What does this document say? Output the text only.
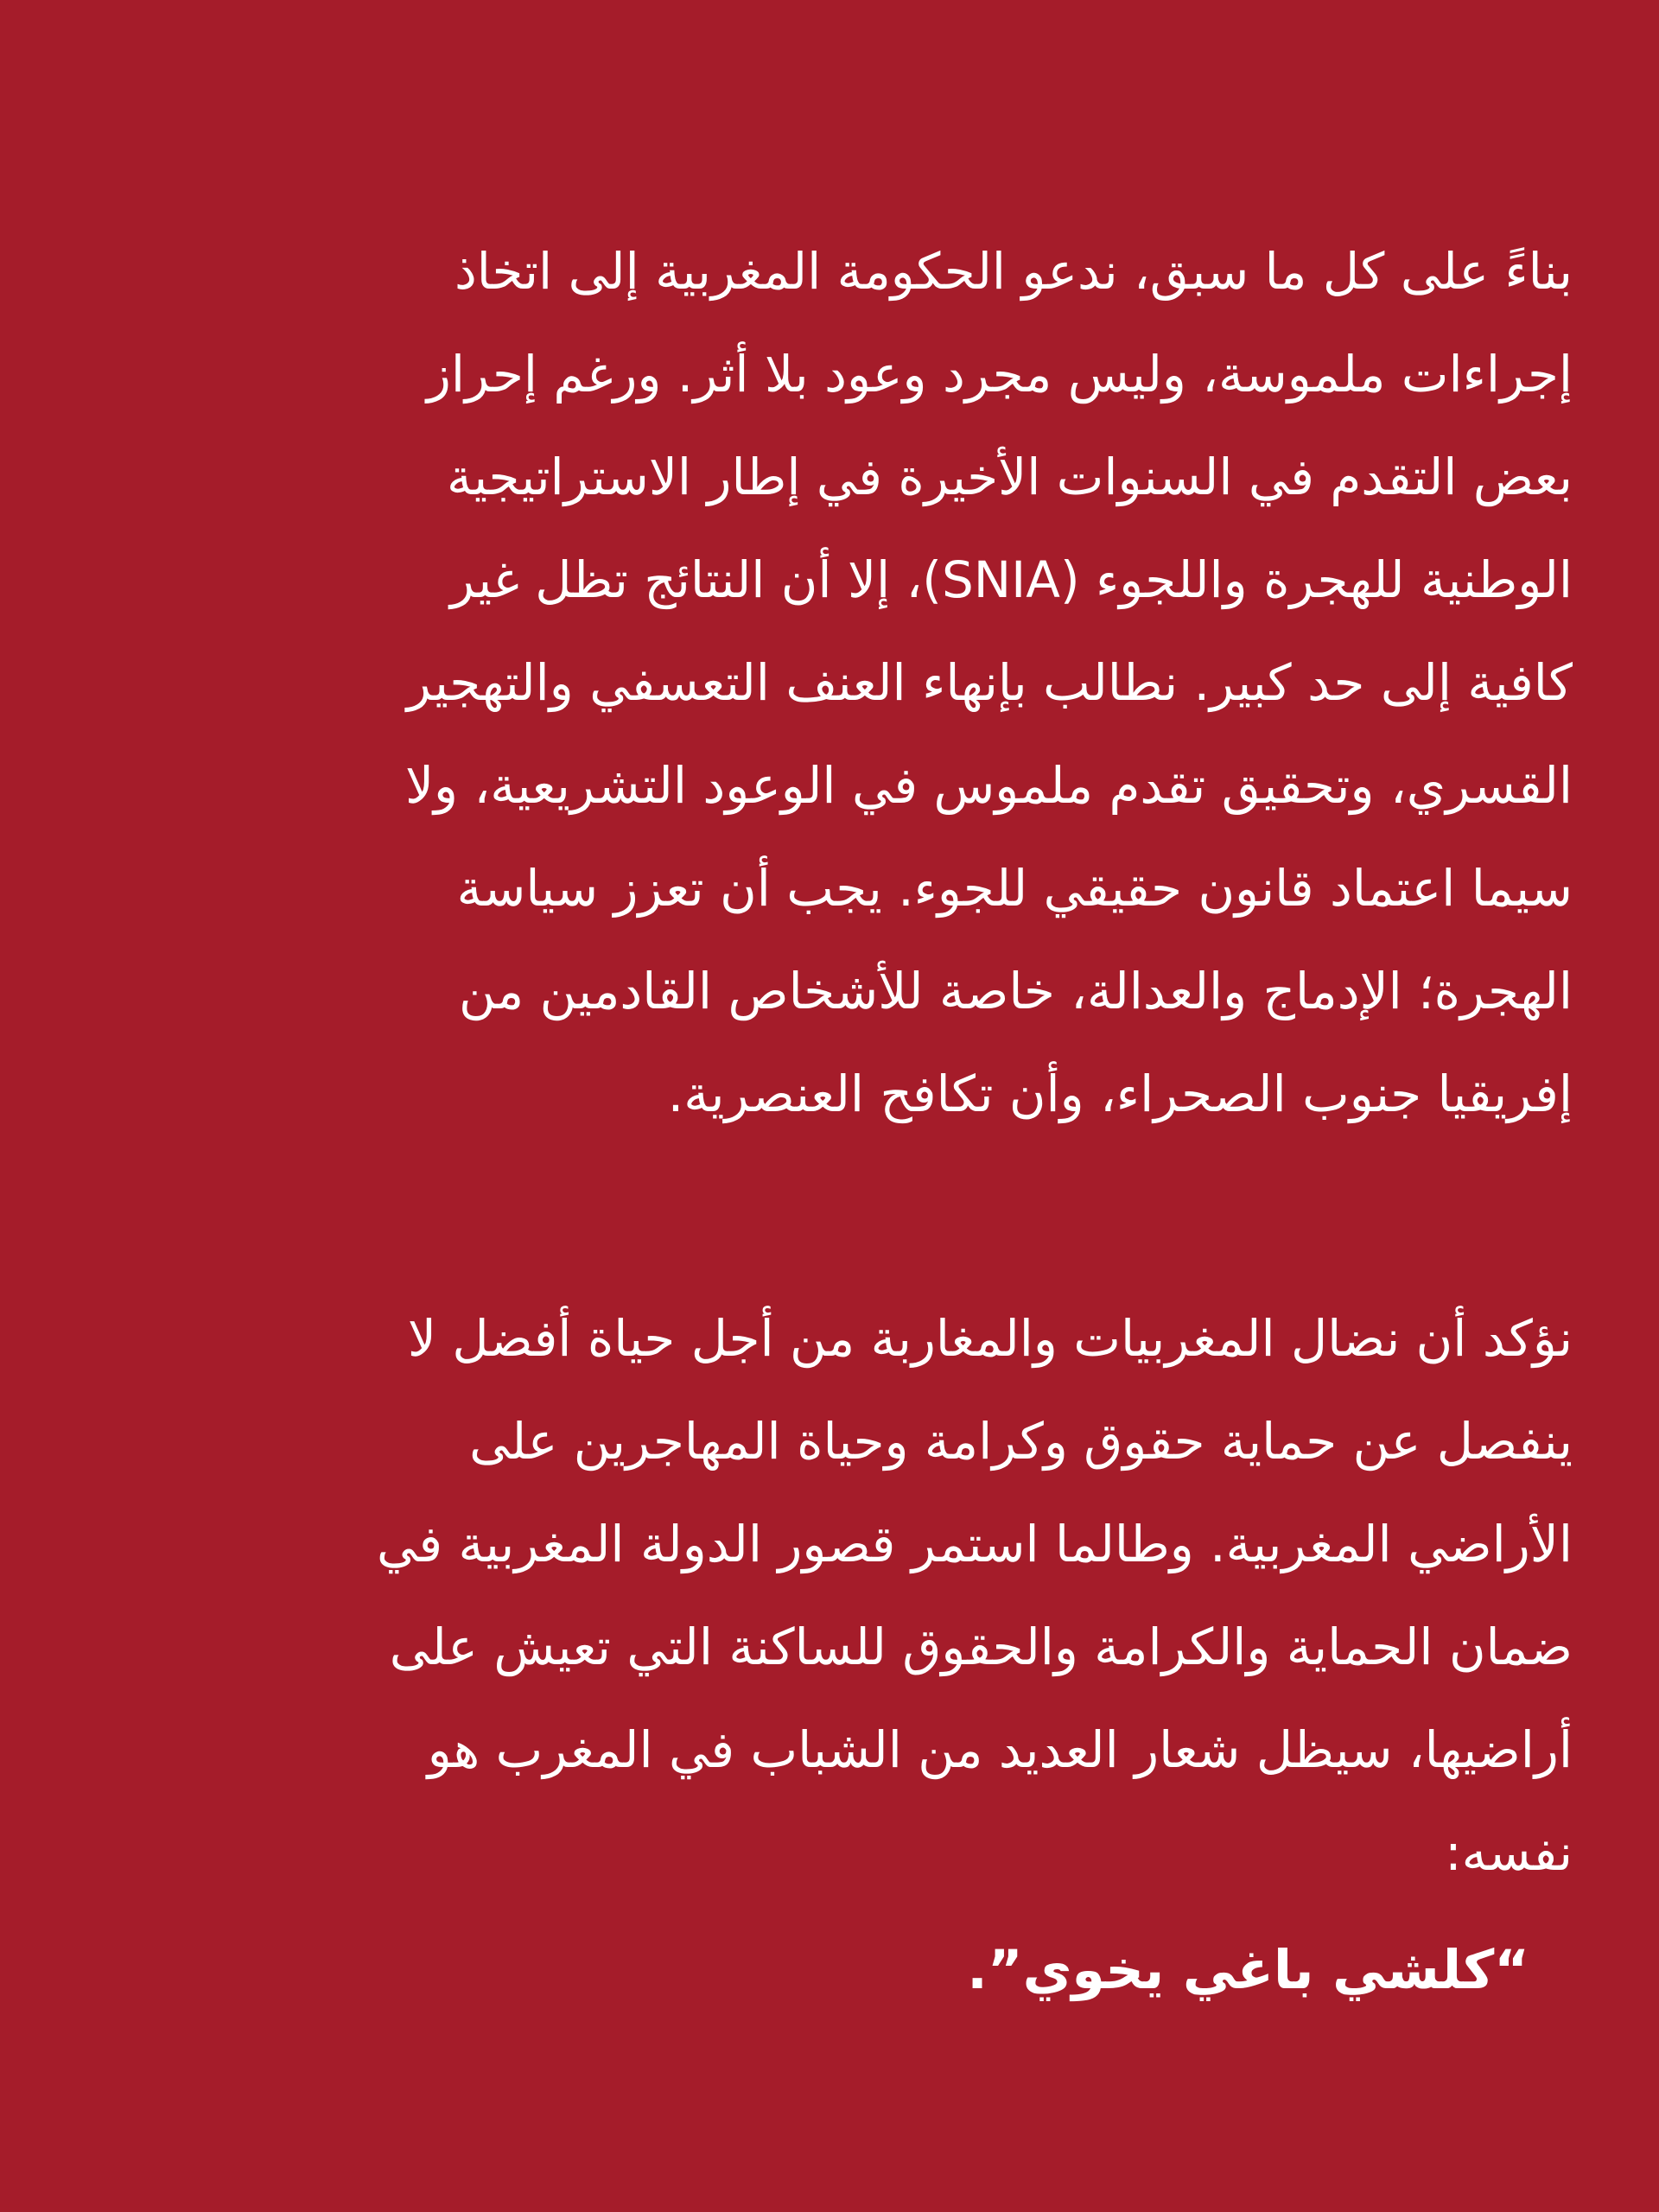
بناءً على كل ما سبق، ندعو الحكومة المغربية إلى اتخاذ
إجراءات ملموسة، وليس مجرد وعود بلا أثر. ورغم إحراز
بعض التقدم في السنوات الأخيرة في إطار الاستراتيجية
الوطنية للهجرة واللجوء (SNIA)، إلا أن النتائج تظل غير
كافية إلى حد كبير. نطالب بإنهاء العنف التعسفي والتهجير
القسري، وتحقيق تقدم ملموس في الوعود التشريعية، ولا
سيما اعتماد قانون حقيقي للجوء. يجب أن تعزز سياسة
الهجرة؛ الإدماج والعدالة، خاصة للأشخاص القادمين من
إفريقيا جنوب الصحراء، وأن تكافح العنصرية.

نؤكد أن نضال المغربيات والمغاربة من أجل حياة أفضل لا
ينفصل عن حماية حقوق وكرامة وحياة المهاجرين على
الأراضي المغربية. وطالما استمر قصور الدولة المغربية في
ضمان الحماية والكرامة والحقوق للساكنة التي تعيش على
أراضيها، سيظل شعار العديد من الشباب في المغرب هو
نفسه:

“كلشي باغي يخوي”.
